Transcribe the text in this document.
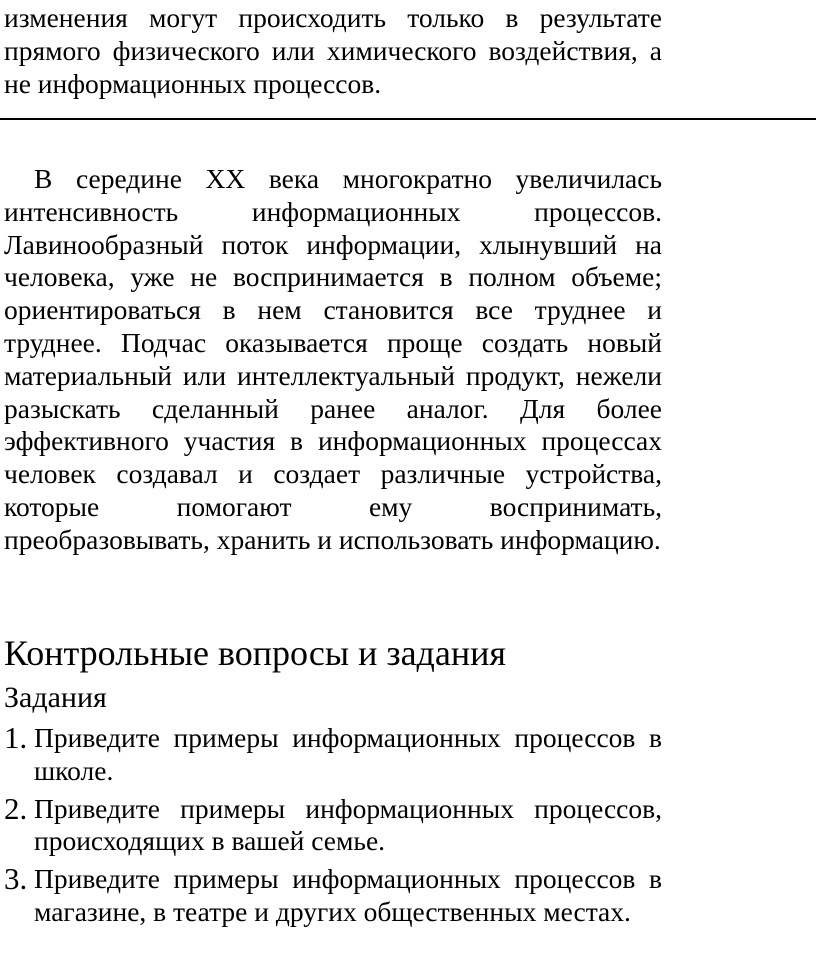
изменения могут происходить только в результате прямого физического или химического воздействия, а не информационных процессов.

В середине XX века многократно увеличилась интенсивность информационных процессов. Лавинообразный поток информации, хлынувший на человека, уже не воспринимается в полном объеме; ориентироваться в нем становится все труднее и труднее. Подчас оказывается проще создать новый материальный или интеллектуальный продукт, нежели разыскать сделанный ранее аналог. Для более эффективного участия в информационных процессах человек создавал и создает различные устройства, которые помогают ему воспринимать, преобразовывать, хранить и использовать информацию.

Контрольные вопросы и задания
Задания
1. Приведите примеры информационных процессов в школе.
2. Приведите примеры информационных процессов, происходящих в вашей семье.
3. Приведите примеры информационных процессов в магазине, в театре и других общественных местах.
